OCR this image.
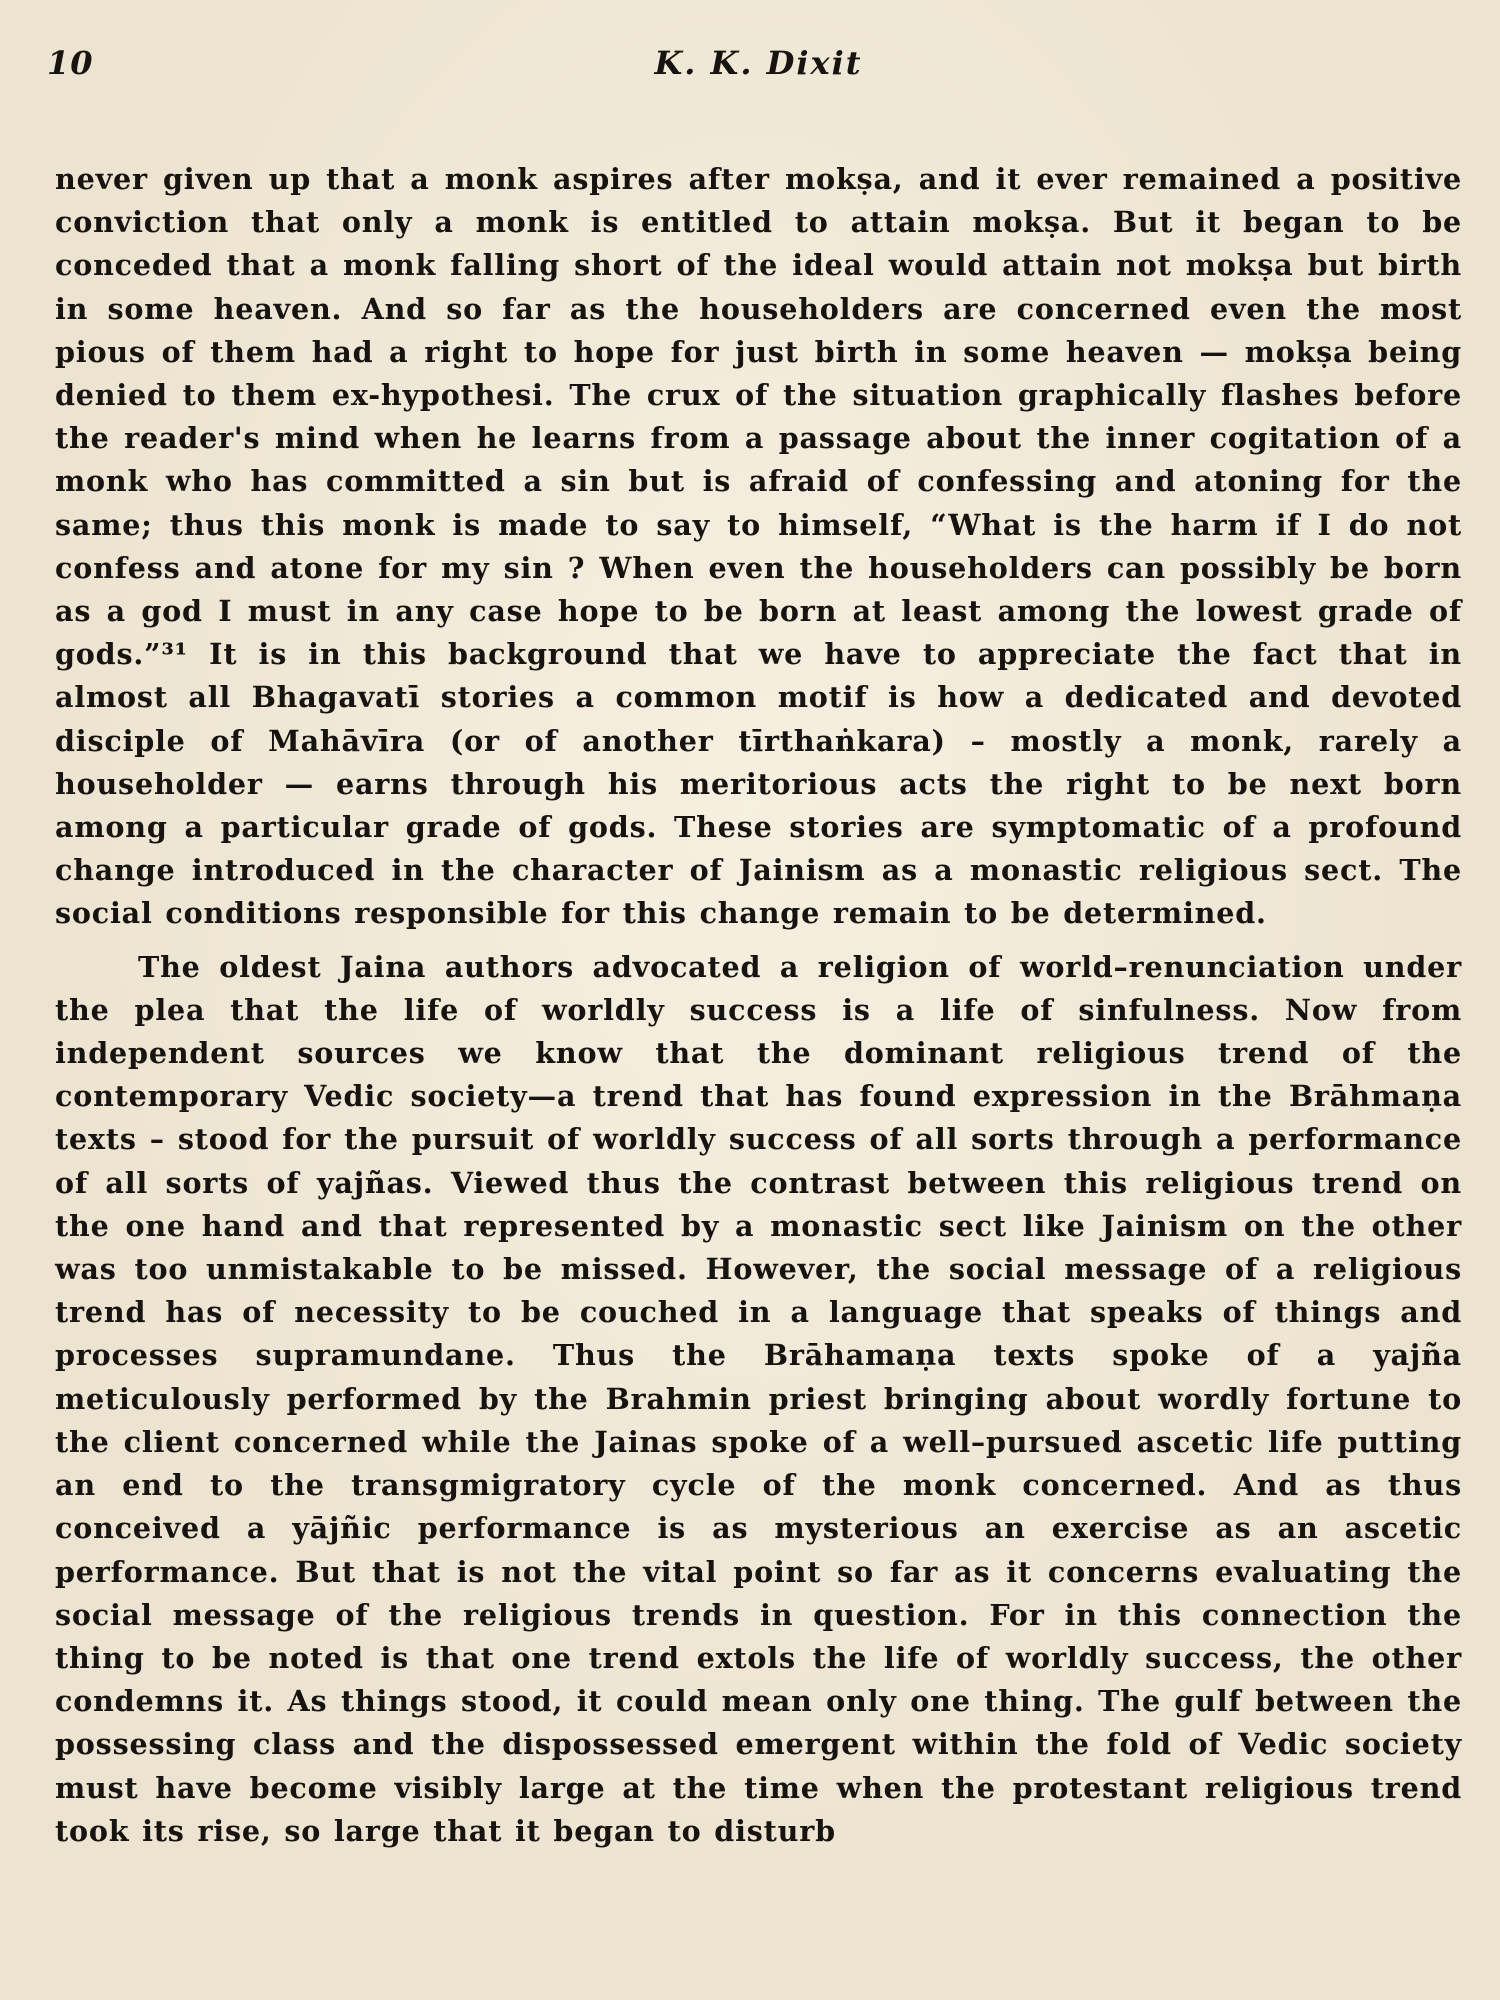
10	K. K. Dixit

never given up that a monk aspires after mokṣa, and it ever remained a positive conviction that only a monk is entitled to attain mokṣa. But it began to be conceded that a monk falling short of the ideal would attain not mokṣa but birth in some heaven. And so far as the householders are concerned even the most pious of them had a right to hope for just birth in some heaven — mokṣa being denied to them ex-hypothesi. The crux of the situation graphically flashes before the reader's mind when he learns from a passage about the inner cogitation of a monk who has committed a sin but is afraid of confessing and atoning for the same; thus this monk is made to say to himself, “What is the harm if I do not confess and atone for my sin ? When even the householders can possibly be born as a god I must in any case hope to be born at least among the lowest grade of gods.”³¹ It is in this background that we have to appreciate the fact that in almost all Bhagavatī stories a common motif is how a dedicated and devoted disciple of Mahāvīra (or of another tīrthaṅkara) – mostly a monk, rarely a householder — earns through his meritorious acts the right to be next born among a particular grade of gods. These stories are symptomatic of a profound change introduced in the character of Jainism as a monastic religious sect. The social conditions responsible for this change remain to be determined.

The oldest Jaina authors advocated a religion of world–renunciation under the plea that the life of worldly success is a life of sinfulness. Now from independent sources we know that the dominant religious trend of the contemporary Vedic society—a trend that has found expression in the Brāhmaṇa texts – stood for the pursuit of worldly success of all sorts through a performance of all sorts of yajñas. Viewed thus the contrast between this religious trend on the one hand and that represented by a monastic sect like Jainism on the other was too unmistakable to be missed. However, the social message of a religious trend has of necessity to be couched in a language that speaks of things and processes supramundane. Thus the Brāhamaṇa texts spoke of a yajña meticulously performed by the Brahmin priest bringing about wordly fortune to the client concerned while the Jainas spoke of a well–pursued ascetic life putting an end to the transgmigratory cycle of the monk concerned. And as thus conceived a yājñic performance is as mysterious an exercise as an ascetic performance. But that is not the vital point so far as it concerns evaluating the social message of the religious trends in question. For in this connection the thing to be noted is that one trend extols the life of worldly success, the other condemns it. As things stood, it could mean only one thing. The gulf between the possessing class and the dispossessed emergent within the fold of Vedic society must have become visibly large at the time when the protestant religious trend took its rise, so large that it began to disturb
